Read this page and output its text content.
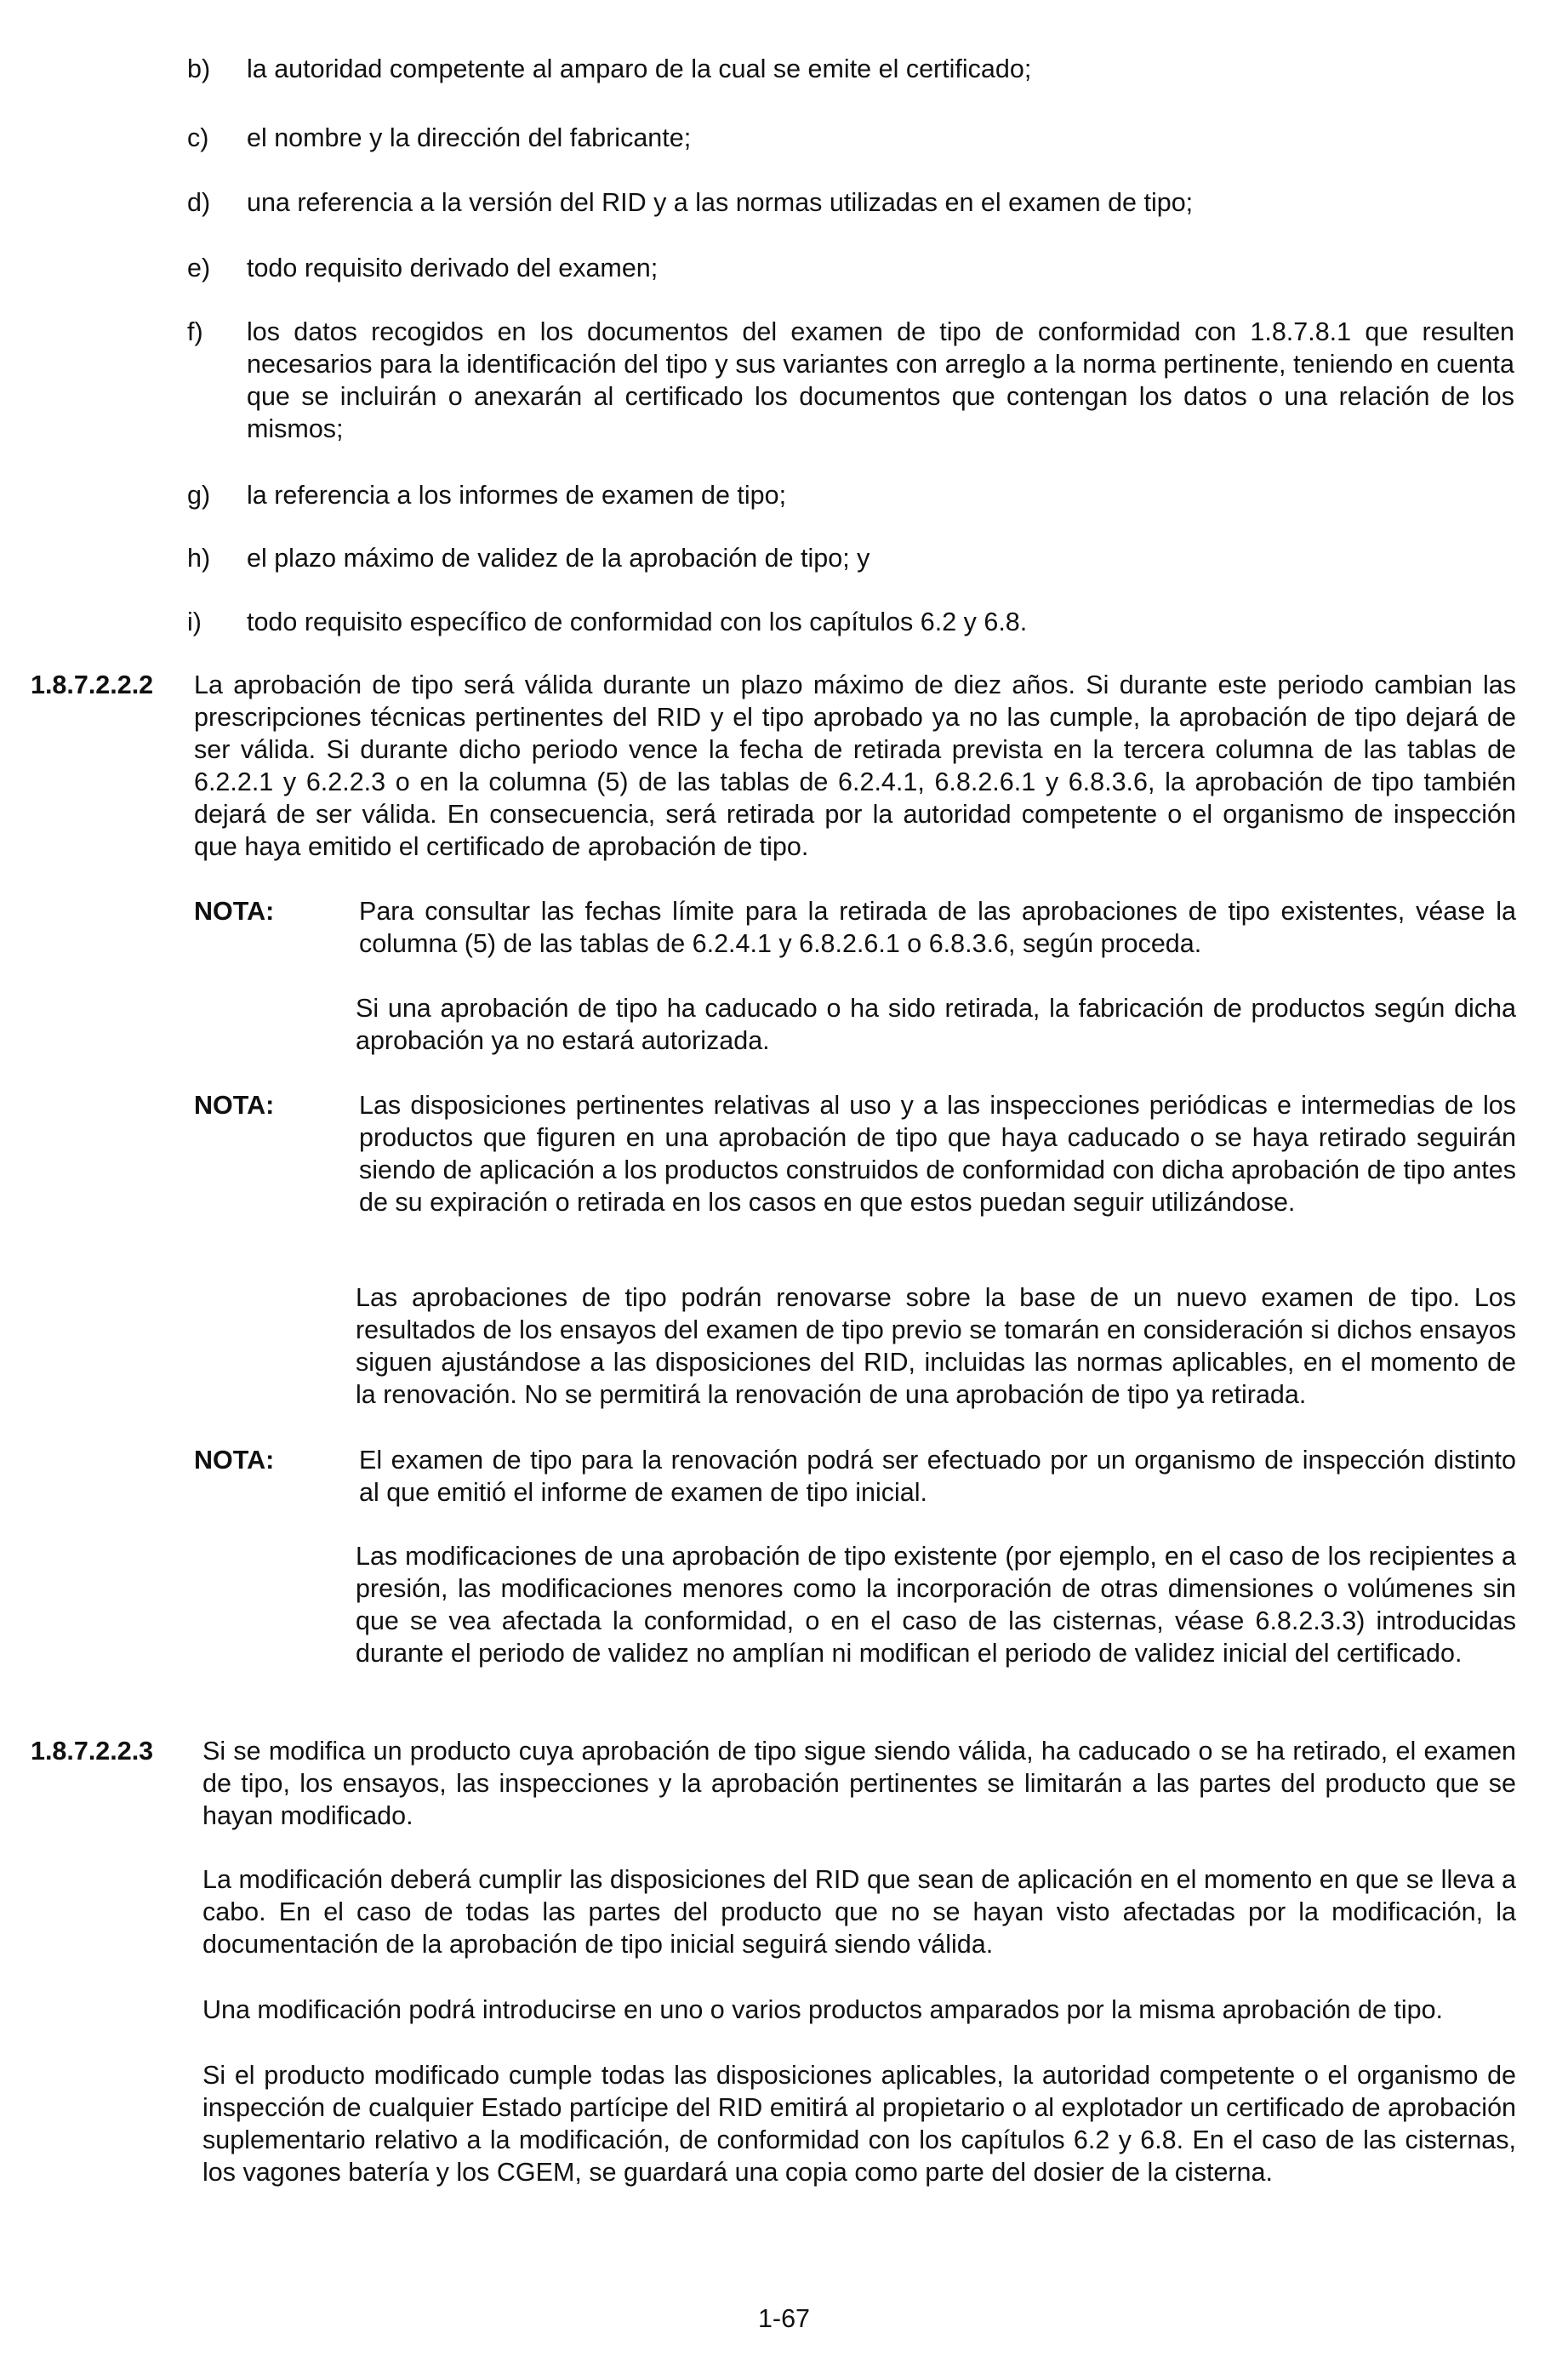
b) la autoridad competente al amparo de la cual se emite el certificado;
c) el nombre y la dirección del fabricante;
d) una referencia a la versión del RID y a las normas utilizadas en el examen de tipo;
e) todo requisito derivado del examen;
f) los datos recogidos en los documentos del examen de tipo de conformidad con 1.8.7.8.1 que resulten necesarios para la identificación del tipo y sus variantes con arreglo a la norma pertinente, teniendo en cuenta que se incluirán o anexarán al certificado los documentos que contengan los datos o una relación de los mismos;
g) la referencia a los informes de examen de tipo;
h) el plazo máximo de validez de la aprobación de tipo; y
i) todo requisito específico de conformidad con los capítulos 6.2 y 6.8.
1.8.7.2.2.2 La aprobación de tipo será válida durante un plazo máximo de diez años. Si durante este periodo cambian las prescripciones técnicas pertinentes del RID y el tipo aprobado ya no las cumple, la aprobación de tipo dejará de ser válida. Si durante dicho periodo vence la fecha de retirada prevista en la tercera columna de las tablas de 6.2.2.1 y 6.2.2.3 o en la columna (5) de las tablas de 6.2.4.1, 6.8.2.6.1 y 6.8.3.6, la aprobación de tipo también dejará de ser válida. En consecuencia, será retirada por la autoridad competente o el organismo de inspección que haya emitido el certificado de aprobación de tipo.
NOTA:	Para consultar las fechas límite para la retirada de las aprobaciones de tipo existentes, véase la columna (5) de las tablas de 6.2.4.1 y 6.8.2.6.1 o 6.8.3.6, según proceda.
Si una aprobación de tipo ha caducado o ha sido retirada, la fabricación de productos según dicha aprobación ya no estará autorizada.
NOTA:	Las disposiciones pertinentes relativas al uso y a las inspecciones periódicas e intermedias de los productos que figuren en una aprobación de tipo que haya caducado o se haya retirado seguirán siendo de aplicación a los productos construidos de conformidad con dicha aprobación de tipo antes de su expiración o retirada en los casos en que estos puedan seguir utilizándose.
Las aprobaciones de tipo podrán renovarse sobre la base de un nuevo examen de tipo. Los resultados de los ensayos del examen de tipo previo se tomarán en consideración si dichos ensayos siguen ajustándose a las disposiciones del RID, incluidas las normas aplicables, en el momento de la renovación. No se permitirá la renovación de una aprobación de tipo ya retirada.
NOTA:	El examen de tipo para la renovación podrá ser efectuado por un organismo de inspección distinto al que emitió el informe de examen de tipo inicial.
Las modificaciones de una aprobación de tipo existente (por ejemplo, en el caso de los recipientes a presión, las modificaciones menores como la incorporación de otras dimensiones o volúmenes sin que se vea afectada la conformidad, o en el caso de las cisternas, véase 6.8.2.3.3) introducidas durante el periodo de validez no amplían ni modifican el periodo de validez inicial del certificado.
1.8.7.2.2.3 Si se modifica un producto cuya aprobación de tipo sigue siendo válida, ha caducado o se ha retirado, el examen de tipo, los ensayos, las inspecciones y la aprobación pertinentes se limitarán a las partes del producto que se hayan modificado.
La modificación deberá cumplir las disposiciones del RID que sean de aplicación en el momento en que se lleva a cabo. En el caso de todas las partes del producto que no se hayan visto afectadas por la modificación, la documentación de la aprobación de tipo inicial seguirá siendo válida.
Una modificación podrá introducirse en uno o varios productos amparados por la misma aprobación de tipo.
Si el producto modificado cumple todas las disposiciones aplicables, la autoridad competente o el organismo de inspección de cualquier Estado partícipe del RID emitirá al propietario o al explotador un certificado de aprobación suplementario relativo a la modificación, de conformidad con los capítulos 6.2 y 6.8. En el caso de las cisternas, los vagones batería y los CGEM, se guardará una copia como parte del dosier de la cisterna.
1-67
